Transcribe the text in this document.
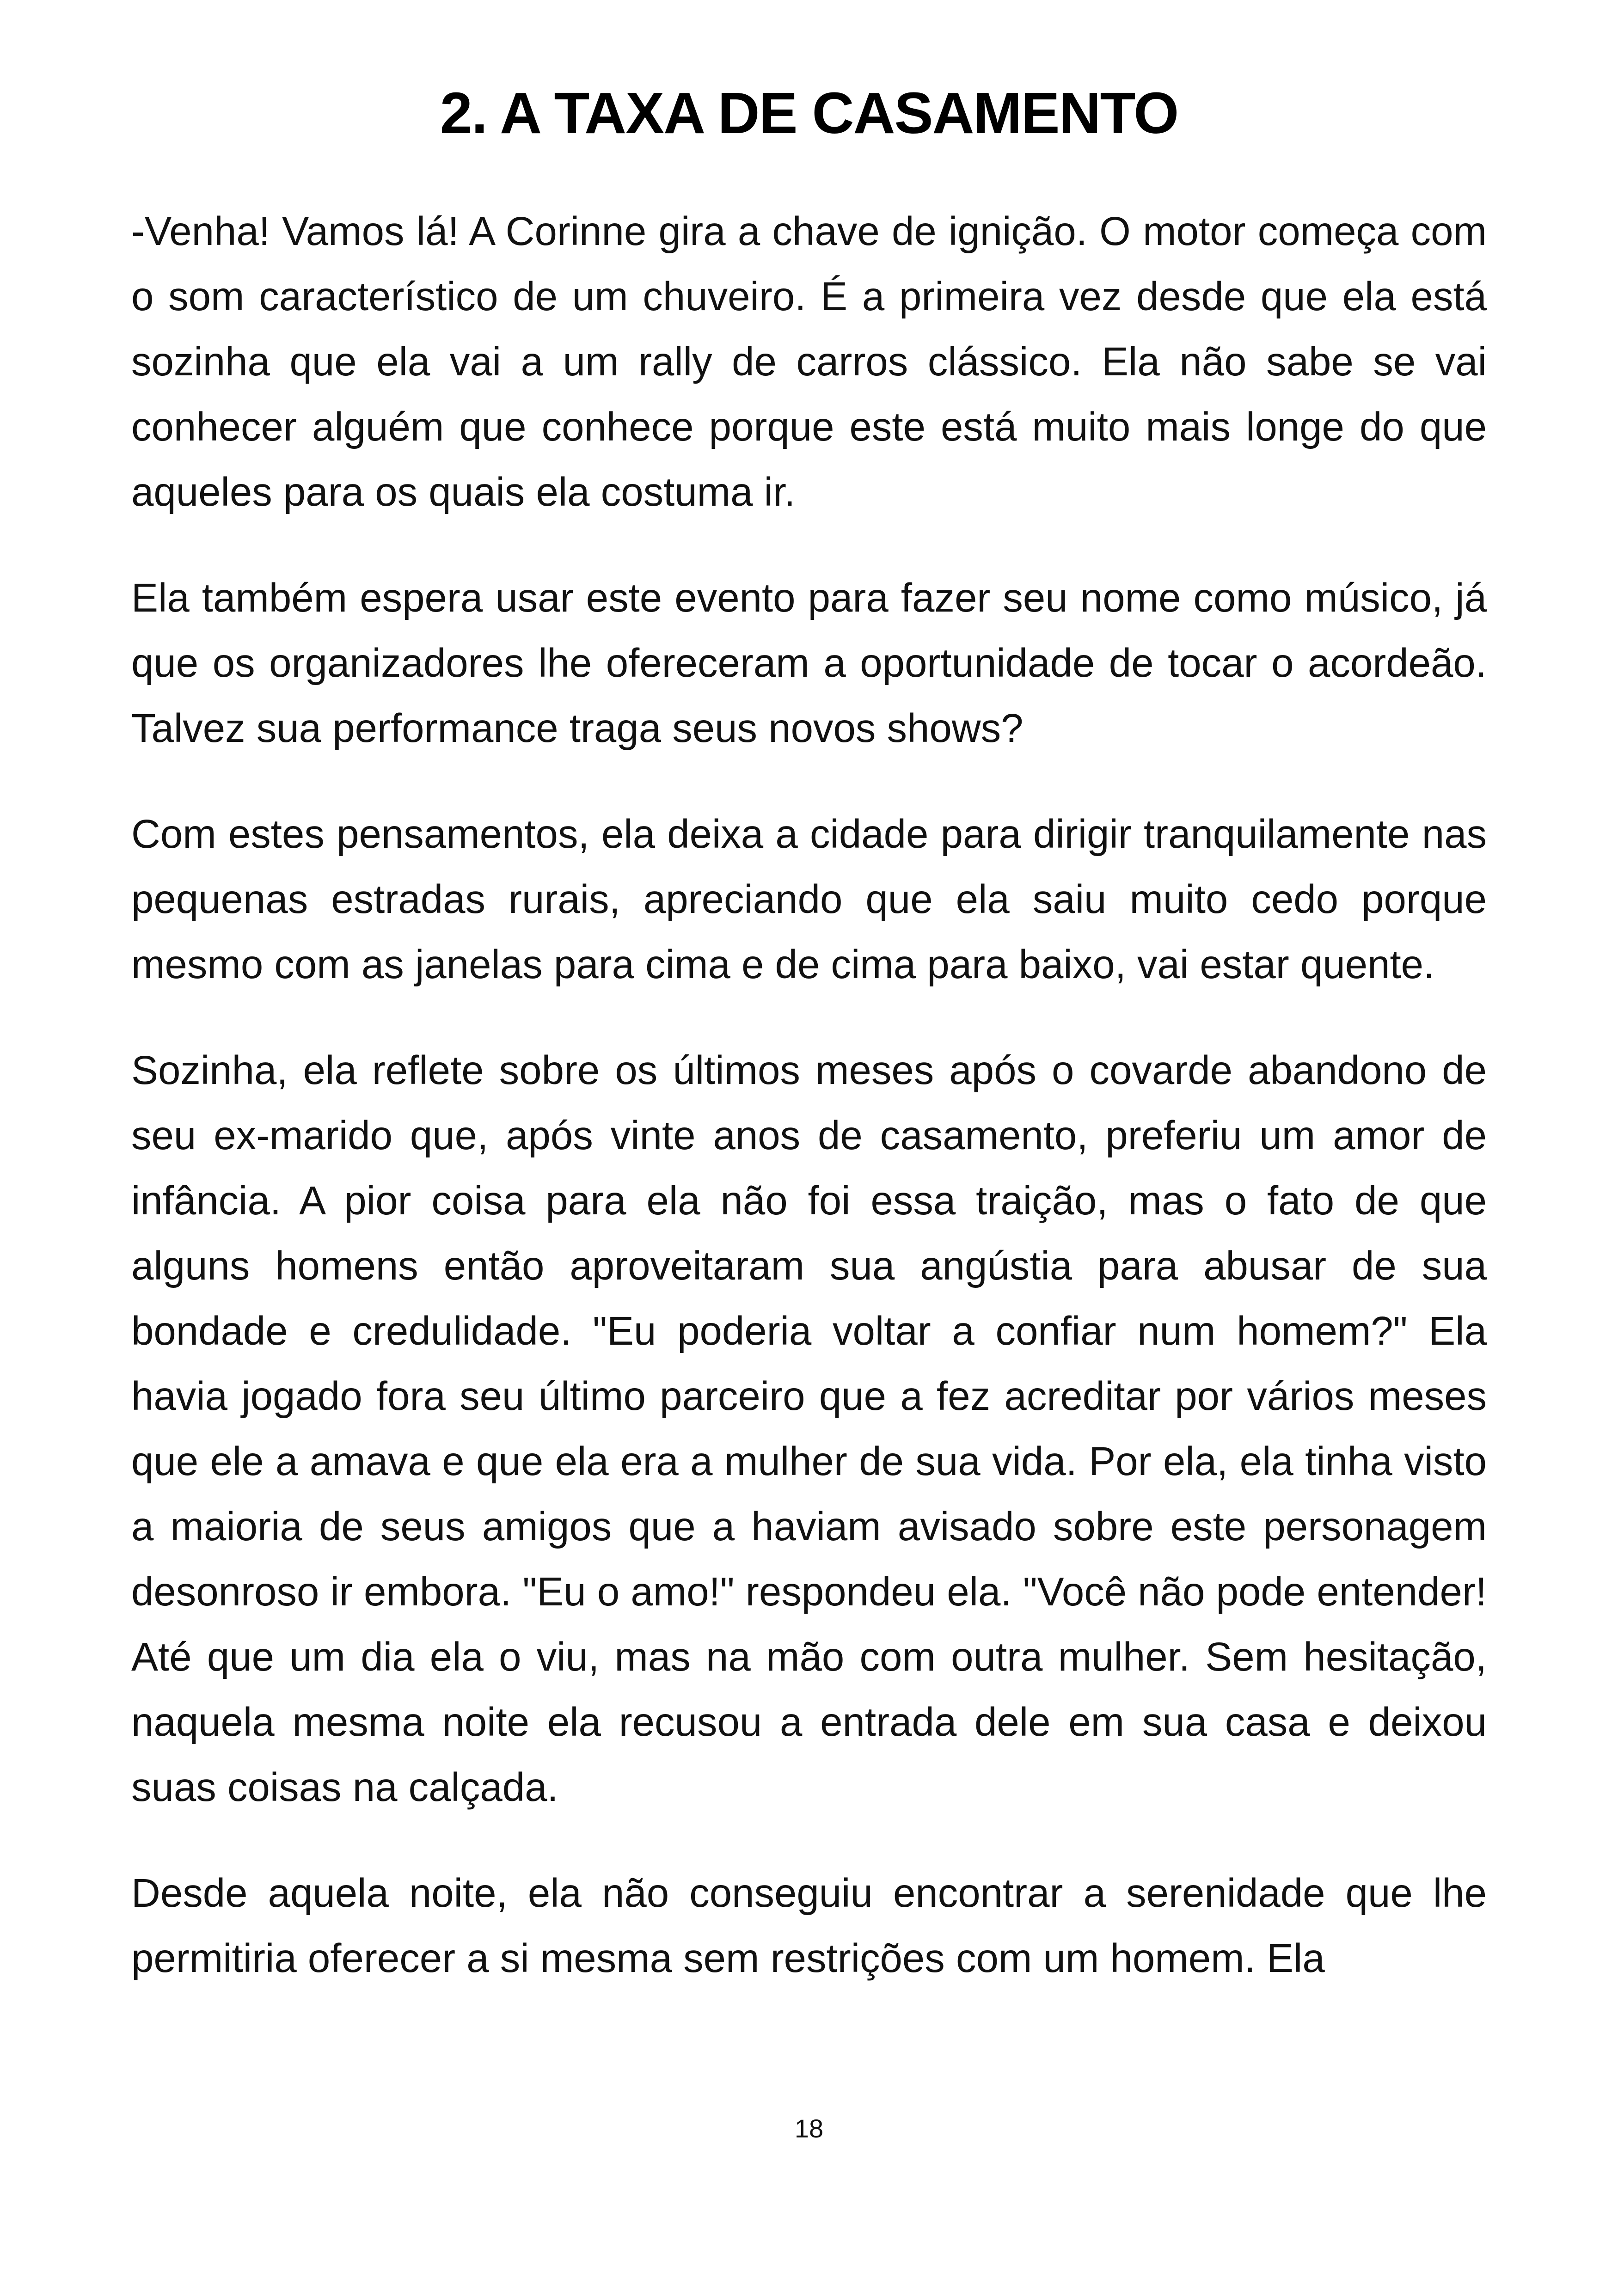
2. A TAXA DE CASAMENTO

-Venha! Vamos lá! A Corinne gira a chave de ignição. O motor começa com o som característico de um chuveiro. É a primeira vez desde que ela está sozinha que ela vai a um rally de carros clássico. Ela não sabe se vai conhecer alguém que conhece porque este está muito mais longe do que aqueles para os quais ela costuma ir.

Ela também espera usar este evento para fazer seu nome como músico, já que os organizadores lhe ofereceram a oportunidade de tocar o acordeão. Talvez sua performance traga seus novos shows?

Com estes pensamentos, ela deixa a cidade para dirigir tranquilamente nas pequenas estradas rurais, apreciando que ela saiu muito cedo porque mesmo com as janelas para cima e de cima para baixo, vai estar quente.

Sozinha, ela reflete sobre os últimos meses após o covarde abandono de seu ex-marido que, após vinte anos de casamento, preferiu um amor de infância. A pior coisa para ela não foi essa traição, mas o fato de que alguns homens então aproveitaram sua angústia para abusar de sua bondade e credulidade. "Eu poderia voltar a confiar num homem?" Ela havia jogado fora seu último parceiro que a fez acreditar por vários meses que ele a amava e que ela era a mulher de sua vida. Por ela, ela tinha visto a maioria de seus amigos que a haviam avisado sobre este personagem desonroso ir embora. "Eu o amo!" respondeu ela. "Você não pode entender! Até que um dia ela o viu, mas na mão com outra mulher. Sem hesitação, naquela mesma noite ela recusou a entrada dele em sua casa e deixou suas coisas na calçada.

Desde aquela noite, ela não conseguiu encontrar a serenidade que lhe permitiria oferecer a si mesma sem restrições com um homem. Ela

18
